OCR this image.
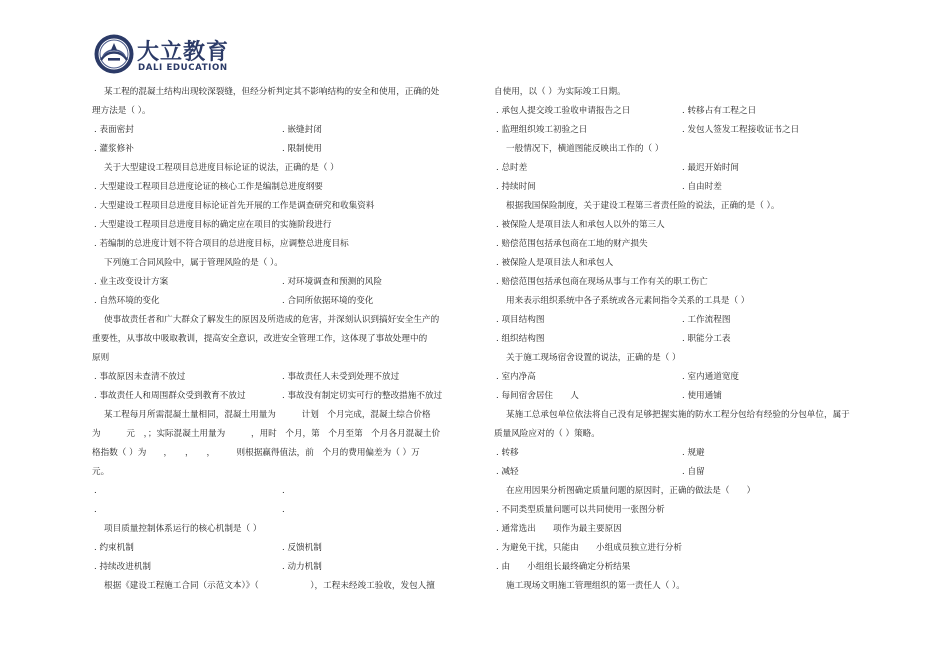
大立教育
DALI EDUCATION
某工程的混凝土结构出现较深裂缝，但经分析判定其不影响结构的安全和使用，正确的处
理方法是（ ）。
. 表面密封	. 嵌缝封闭
. 灌浆修补	. 限制使用
关于大型建设工程项目总进度目标论证的说法，正确的是（ ）
. 大型建设工程项目总进度论证的核心工作是编制总进度纲要
. 大型建设工程项目总进度目标论证首先开展的工作是调查研究和收集资料
. 大型建设工程项目总进度目标的确定应在项目的实施阶段进行
. 若编制的总进度计划不符合项目的总进度目标，应调整总进度目标
下列施工合同风险中，属于管理风险的是（ ）。
. 业主改变设计方案	. 对环境调查和预测的风险
. 自然环境的变化	. 合同所依据环境的变化
使事故责任者和广大群众了解发生的原因及所造成的危害，并深刻认识到搞好安全生产的
重要性，从事故中吸取教训，提高安全意识，改进安全管理工作，这体现了事故处理中的
原则
. 事故原因未查清不放过	. 事故责任人未受到处理不放过
. 事故责任人和周围群众受到教育不放过	. 事故没有制定切实可行的整改措施不放过
某工程每月所需混凝土量相同，混凝土用量为　　　计划　个月完成，混凝土综合价格
为　　　元　，；实际混凝土用量为　　　，用时　个月，第　个月至第　个月各月混凝土价
格指数（ ）为　　，　　，　　，　　　则根据赢得值法，前　个月的费用偏差为（ ）万
元。
.	.
.	.
项目质量控制体系运行的核心机制是（ ）
. 约束机制	. 反馈机制
. 持续改进机制	. 动力机制
根据《建设工程施工合同（示范文本）》（　　　　　　），工程未经竣工验收，发包人擅
自使用，以（ ）为实际竣工日期。
. 承包人提交竣工验收申请报告之日	. 转移占有工程之日
. 监理组织竣工初验之日	. 发包人签发工程接收证书之日
一般情况下，横道图能反映出工作的（ ）
. 总时差	. 最迟开始时间
. 持续时间	. 自由时差
根据我国保险制度，关于建设工程第三者责任险的说法，正确的是（ ）。
. 被保险人是项目法人和承包人以外的第三人
. 赔偿范围包括承包商在工地的财产损失
. 被保险人是项目法人和承包人
. 赔偿范围包括承包商在现场从事与工作有关的职工伤亡
用来表示组织系统中各子系统或各元素间指令关系的工具是（ ）
. 项目结构图	. 工作流程图
. 组织结构图	. 职能分工表
关于施工现场宿舍设置的说法，正确的是（ ）
. 室内净高	. 室内通道宽度
. 每间宿舍居住　　人	. 使用通铺
某施工总承包单位依法将自己没有足够把握实施的防水工程分包给有经验的分包单位，属于
质量风险应对的（ ）策略。
. 转移	. 规避
. 减轻	. 自留
在应用因果分析图确定质量问题的原因时，正确的做法是（　　）
. 不同类型质量问题可以共同使用一张图分析
. 通常选出　　项作为最主要原因
. 为避免干扰，只能由　　小组成员独立进行分析
. 由　　小组组长最终确定分析结果
施工现场文明施工管理组织的第一责任人（ ）。
